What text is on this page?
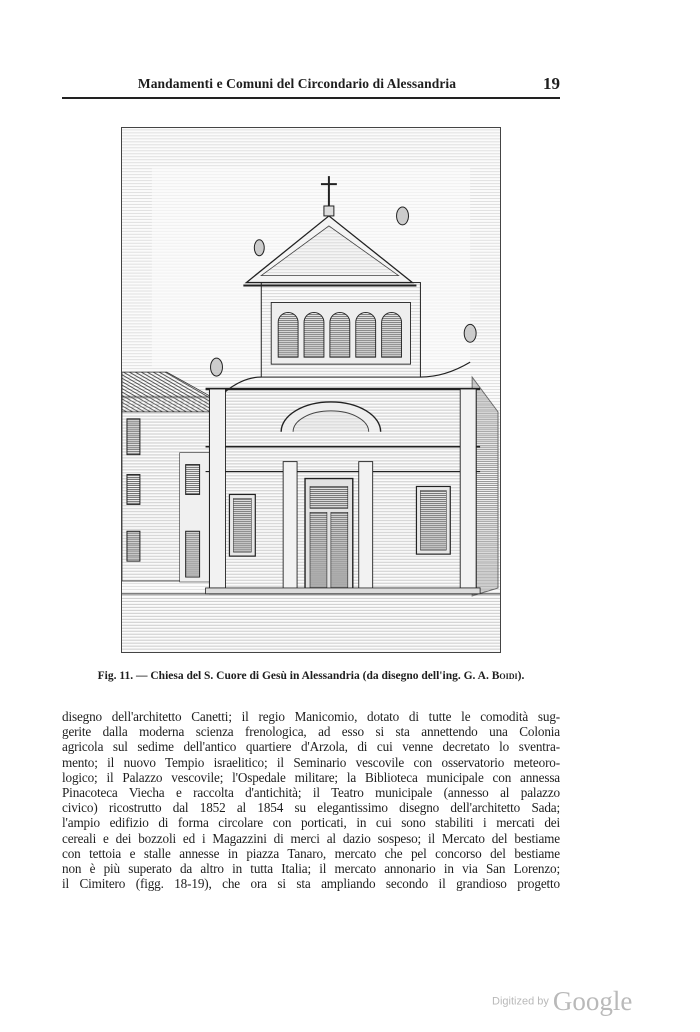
Mandamenti e Comuni del Circondario di Alessandria	19
Fig. 11. — Chiesa del S. Cuore di Gesù in Alessandria (da disegno dell'ing. G. A. Boidi).
disegno dell'architetto Canetti; il regio Manicomio, dotato di tutte le comodità sug-
gerite dalla moderna scienza frenologica, ad esso si sta annettendo una Colonia
agricola sul sedime dell'antico quartiere d'Arzola, di cui venne decretato lo sventra-
mento; il nuovo Tempio israelitico; il Seminario vescovile con osservatorio meteoro-
logico; il Palazzo vescovile; l'Ospedale militare; la Biblioteca municipale con annessa
Pinacoteca Viecha e raccolta d'antichità; il Teatro municipale (annesso al palazzo
civico) ricostrutto dal 1852 al 1854 su elegantissimo disegno dell'architetto Sada;
l'ampio edifizio di forma circolare con porticati, in cui sono stabiliti i mercati dei
cereali e dei bozzoli ed i Magazzini di merci al dazio sospeso; il Mercato del bestiame
con tettoia e stalle annesse in piazza Tanaro, mercato che pel concorso del bestiame
non è più superato da altro in tutta Italia; il mercato annonario in via San Lorenzo;
il Cimitero (figg. 18-19), che ora si sta ampliando secondo il grandioso progetto
Digitized by Google
